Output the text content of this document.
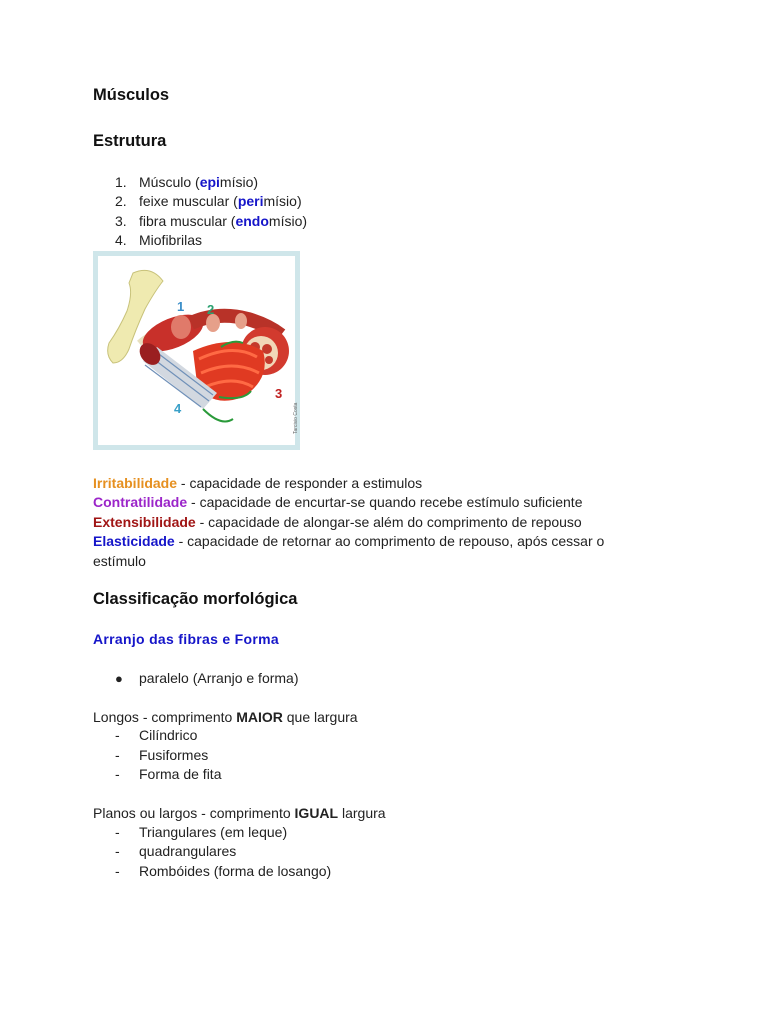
Músculos
Estrutura
1. Músculo (epimísio)
2. feixe muscular (perimísio)
3. fibra muscular (endomísio)
4. Miofibrilas
1 2
3
4	Tarcisio Costa
Irritabilidade - capacidade de responder a estimulos
Contratilidade - capacidade de encurtar-se quando recebe estímulo suficiente
Extensibilidade - capacidade de alongar-se além do comprimento de repouso
Elasticidade - capacidade de retornar ao comprimento de repouso, após cessar o
estímulo
Classificação morfológica
Arranjo das fibras e Forma
● paralelo (Arranjo e forma)
Longos - comprimento MAIOR que largura
- Cilíndrico
- Fusiformes
- Forma de fita
Planos ou largos - comprimento IGUAL largura
- Triangulares (em leque)
- quadrangulares
- Rombóides (forma de losango)
